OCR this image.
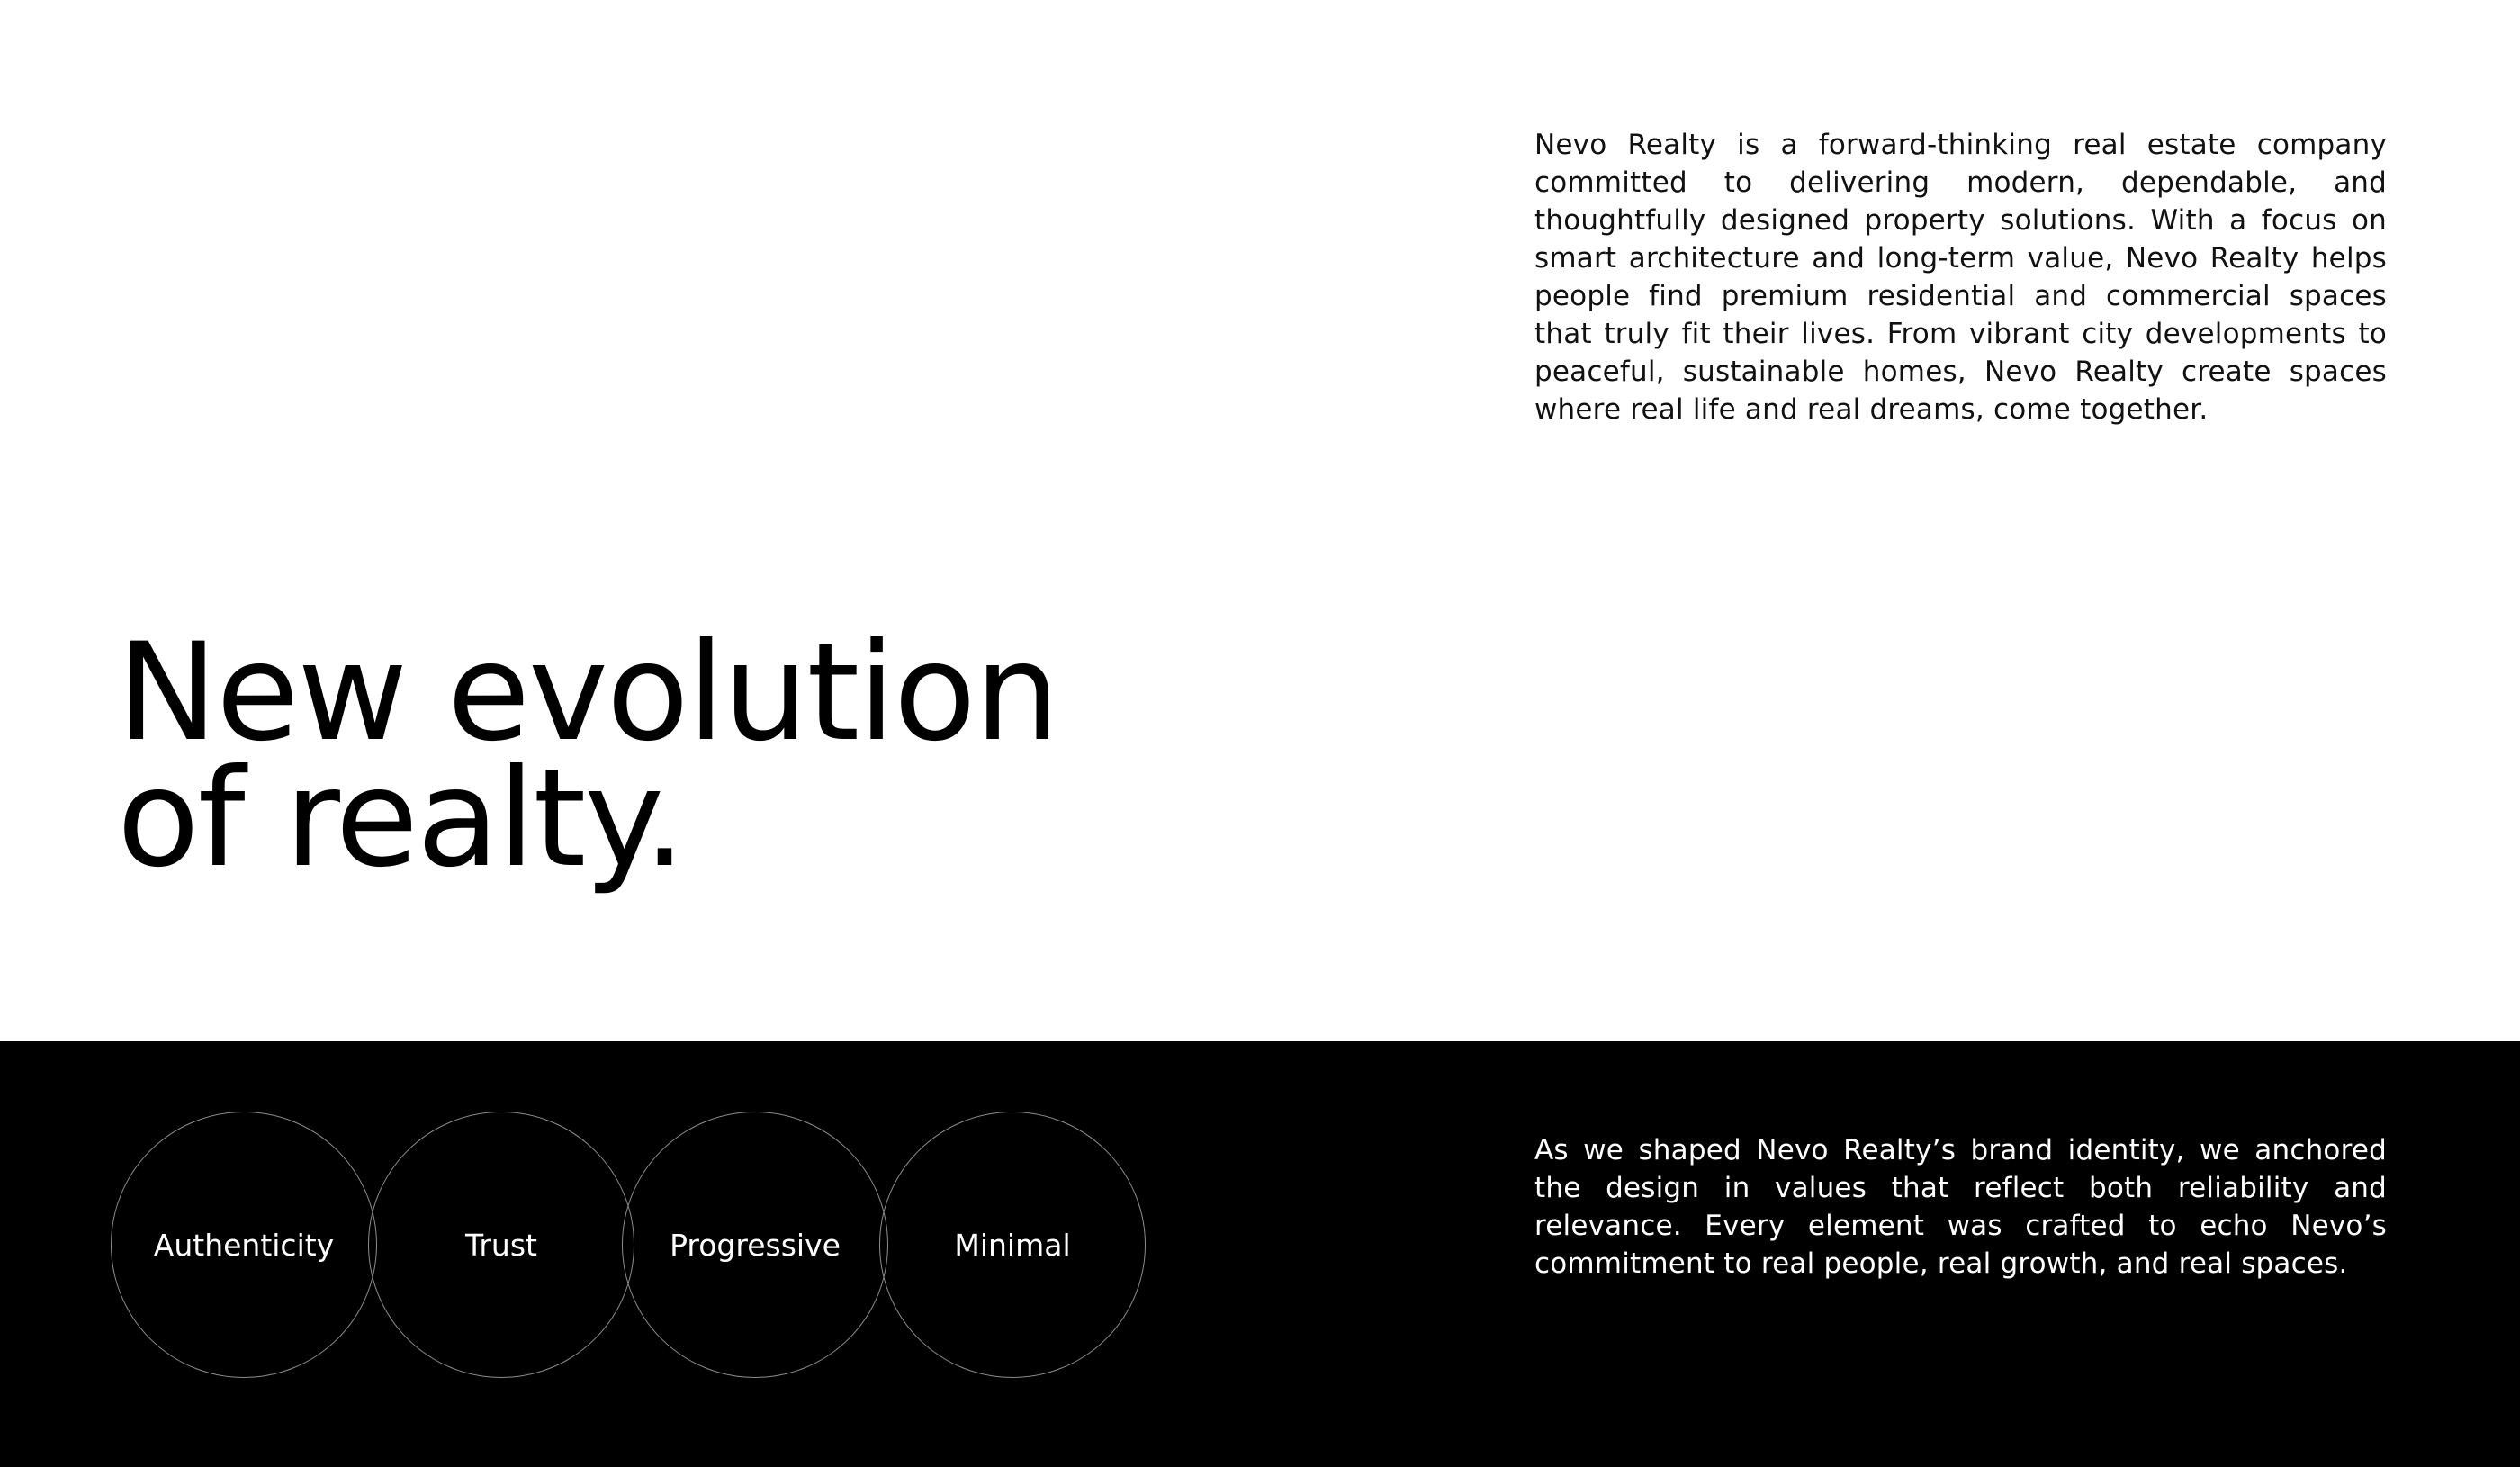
Nevo Realty is a forward-thinking real estate company committed to delivering modern, dependable, and thoughtfully designed property solutions. With a focus on smart architecture and long-term value, Nevo Realty helps people find premium residential and commercial spaces that truly fit their lives. From vibrant city developments to peaceful, sustainable homes, Nevo Realty create spaces where real life and real dreams, come together.

New evolution
of realty.
Authenticity	Trust	Progressive	Minimal

As we shaped Nevo Realty’s brand identity, we anchored the design in values that reflect both reliability and relevance. Every element was crafted to echo Nevo’s commitment to real people, real growth, and real spaces.
